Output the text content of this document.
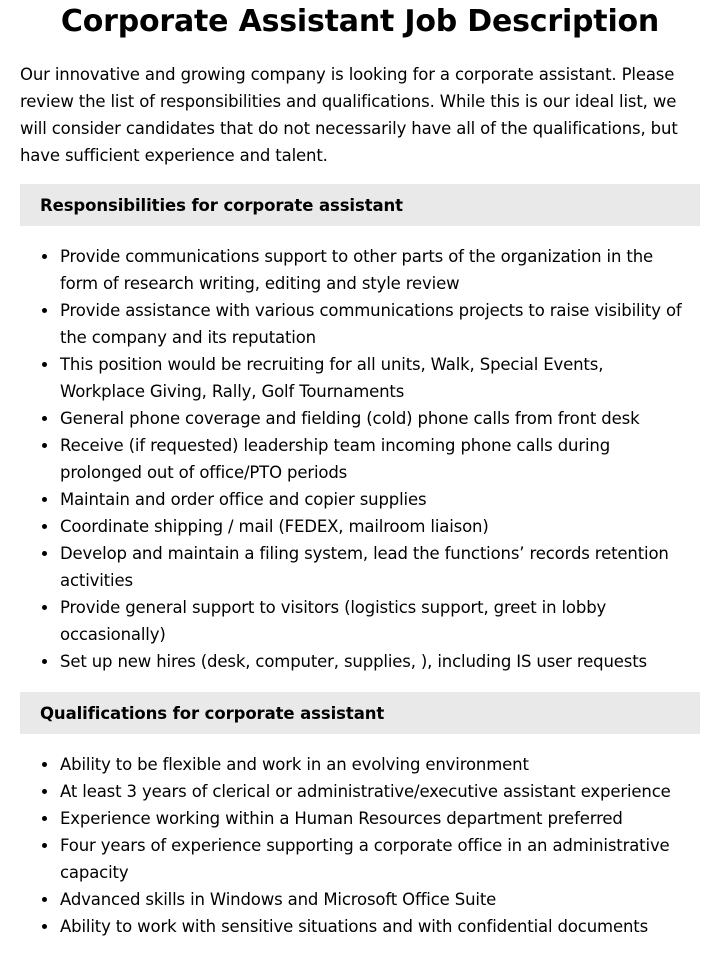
Corporate Assistant Job Description

Our innovative and growing company is looking for a corporate assistant. Please review the list of responsibilities and qualifications. While this is our ideal list, we will consider candidates that do not necessarily have all of the qualifications, but have sufficient experience and talent.

Responsibilities for corporate assistant
Provide communications support to other parts of the organization in the form of research writing, editing and style review
Provide assistance with various communications projects to raise visibility of the company and its reputation
This position would be recruiting for all units, Walk, Special Events, Workplace Giving, Rally, Golf Tournaments
General phone coverage and fielding (cold) phone calls from front desk
Receive (if requested) leadership team incoming phone calls during prolonged out of office/PTO periods
Maintain and order office and copier supplies
Coordinate shipping / mail (FEDEX, mailroom liaison)
Develop and maintain a filing system, lead the functions’ records retention activities
Provide general support to visitors (logistics support, greet in lobby occasionally)
Set up new hires (desk, computer, supplies, ), including IS user requests
Qualifications for corporate assistant
Ability to be flexible and work in an evolving environment
At least 3 years of clerical or administrative/executive assistant experience
Experience working within a Human Resources department preferred
Four years of experience supporting a corporate office in an administrative capacity
Advanced skills in Windows and Microsoft Office Suite
Ability to work with sensitive situations and with confidential documents
